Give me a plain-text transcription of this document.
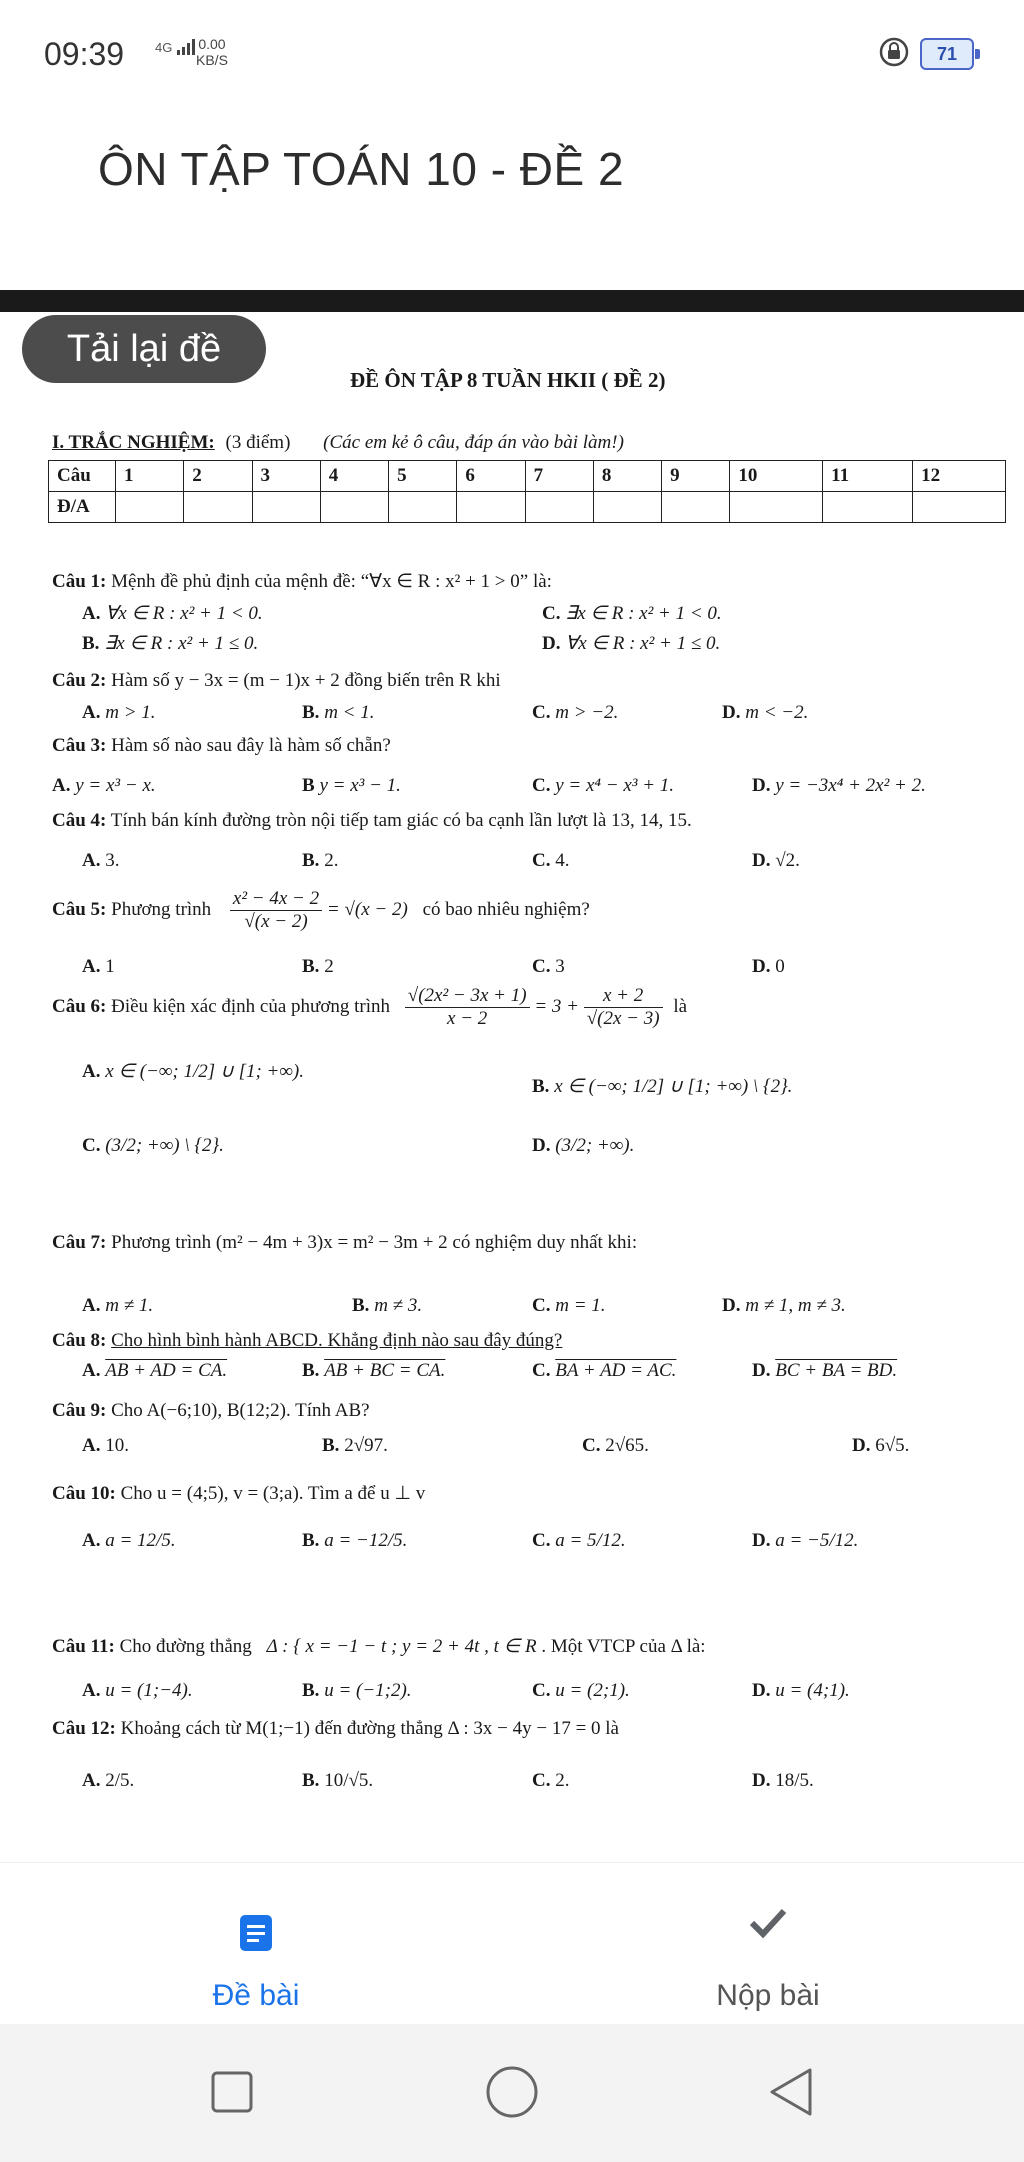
09:39 4G	0.00
KB/S	71
ÔN TẬP TOÁN 10 - ĐỀ 2
ĐỀ ÔN TẬP 8 TUẦN HKII ( ĐỀ 2)
I. TRẮC NGHIỆM: (3 điểm) (Các em kẻ ô câu, đáp án vào bài làm!)
Câu	1	2	3	4	5	6	7	8	9	10	11	12
Đ/A												
Câu 1: Mệnh đề phủ định của mệnh đề: “∀x ∈ R : x² + 1 > 0” là:
A. ∀x ∈ R : x² + 1 < 0.	C. ∃x ∈ R : x² + 1 < 0.
B. ∃x ∈ R : x² + 1 ≤ 0.	D. ∀x ∈ R : x² + 1 ≤ 0.
Câu 2: Hàm số y − 3x = (m − 1)x + 2 đồng biến trên R khi
A. m > 1.	B. m < 1.	C. m > −2.	D. m < −2.
Câu 3: Hàm số nào sau đây là hàm số chẵn?
A. y = x³ − x.	B y = x³ − 1.	C. y = x⁴ − x³ + 1.	D. y = −3x⁴ + 2x² + 2.
Câu 4: Tính bán kính đường tròn nội tiếp tam giác có ba cạnh lần lượt là 13, 14, 15.
A. 3.	B. 2.	C. 4.	D. √2.
Câu 5: Phương trình $\frac{\text{x² − 4x − 2}}{√(x - 2)} = √(x - 2)$ có bao nhiêu nghiệm?
A. 1	B. 2	C. 3	D. 0
Câu 6: Điều kiện xác định của phương trình $\frac{\text{√(2x² − 3x + 1)}}{x - 2} = 3 + \frac{x + 2}{√(2x - 3)}$ là
A. x ∈ (−∞; 1/2] ∪ [1; +∞).
B. x ∈ (−∞; 1/2] ∪ [1; +∞) \ {2}.
C. (3/2; +∞) \ {2}.	D. (3/2; +∞).
Câu 7: Phương trình (m² − 4m + 3)x = m² − 3m + 2 có nghiệm duy nhất khi:
A. m ≠ 1.	B. m ≠ 3.	C. m = 1.	D. m ≠ 1, m ≠ 3.
Câu 8: Cho hình bình hành ABCD. Khẳng định nào sau đây đúng?
A. AB + AD = CA.	B. AB + BC = CA.	C. BA + AD = AC.	D. BC + BA = BD.
Câu 9: Cho A(−6;10), B(12;2). Tính AB?
A. 10.	B. 2√97.	C. 2√65.	D. 6√5.
Câu 10: Cho u = (4;5), v = (3;a). Tìm a để u ⊥ v
A. a = 12/5.	B. a = −12/5.	C. a = 5/12.	D. a = −5/12.
Câu 11: Cho đường thẳng Δ : { x = −1 − t ; y = 2 + 4t , t ∈ R . Một VTCP của Δ là:
A. u = (1;−4).	B. u = (−1;2).	C. u = (2;1).	D. u = (4;1).
Câu 12: Khoảng cách từ M(1;−1) đến đường thẳng Δ : 3x − 4y − 17 = 0 là
A. 2/5.	B. 10/√5.	C. 2.	D. 18/5.
Tải lại đề
Đề bài	Nộp bài
